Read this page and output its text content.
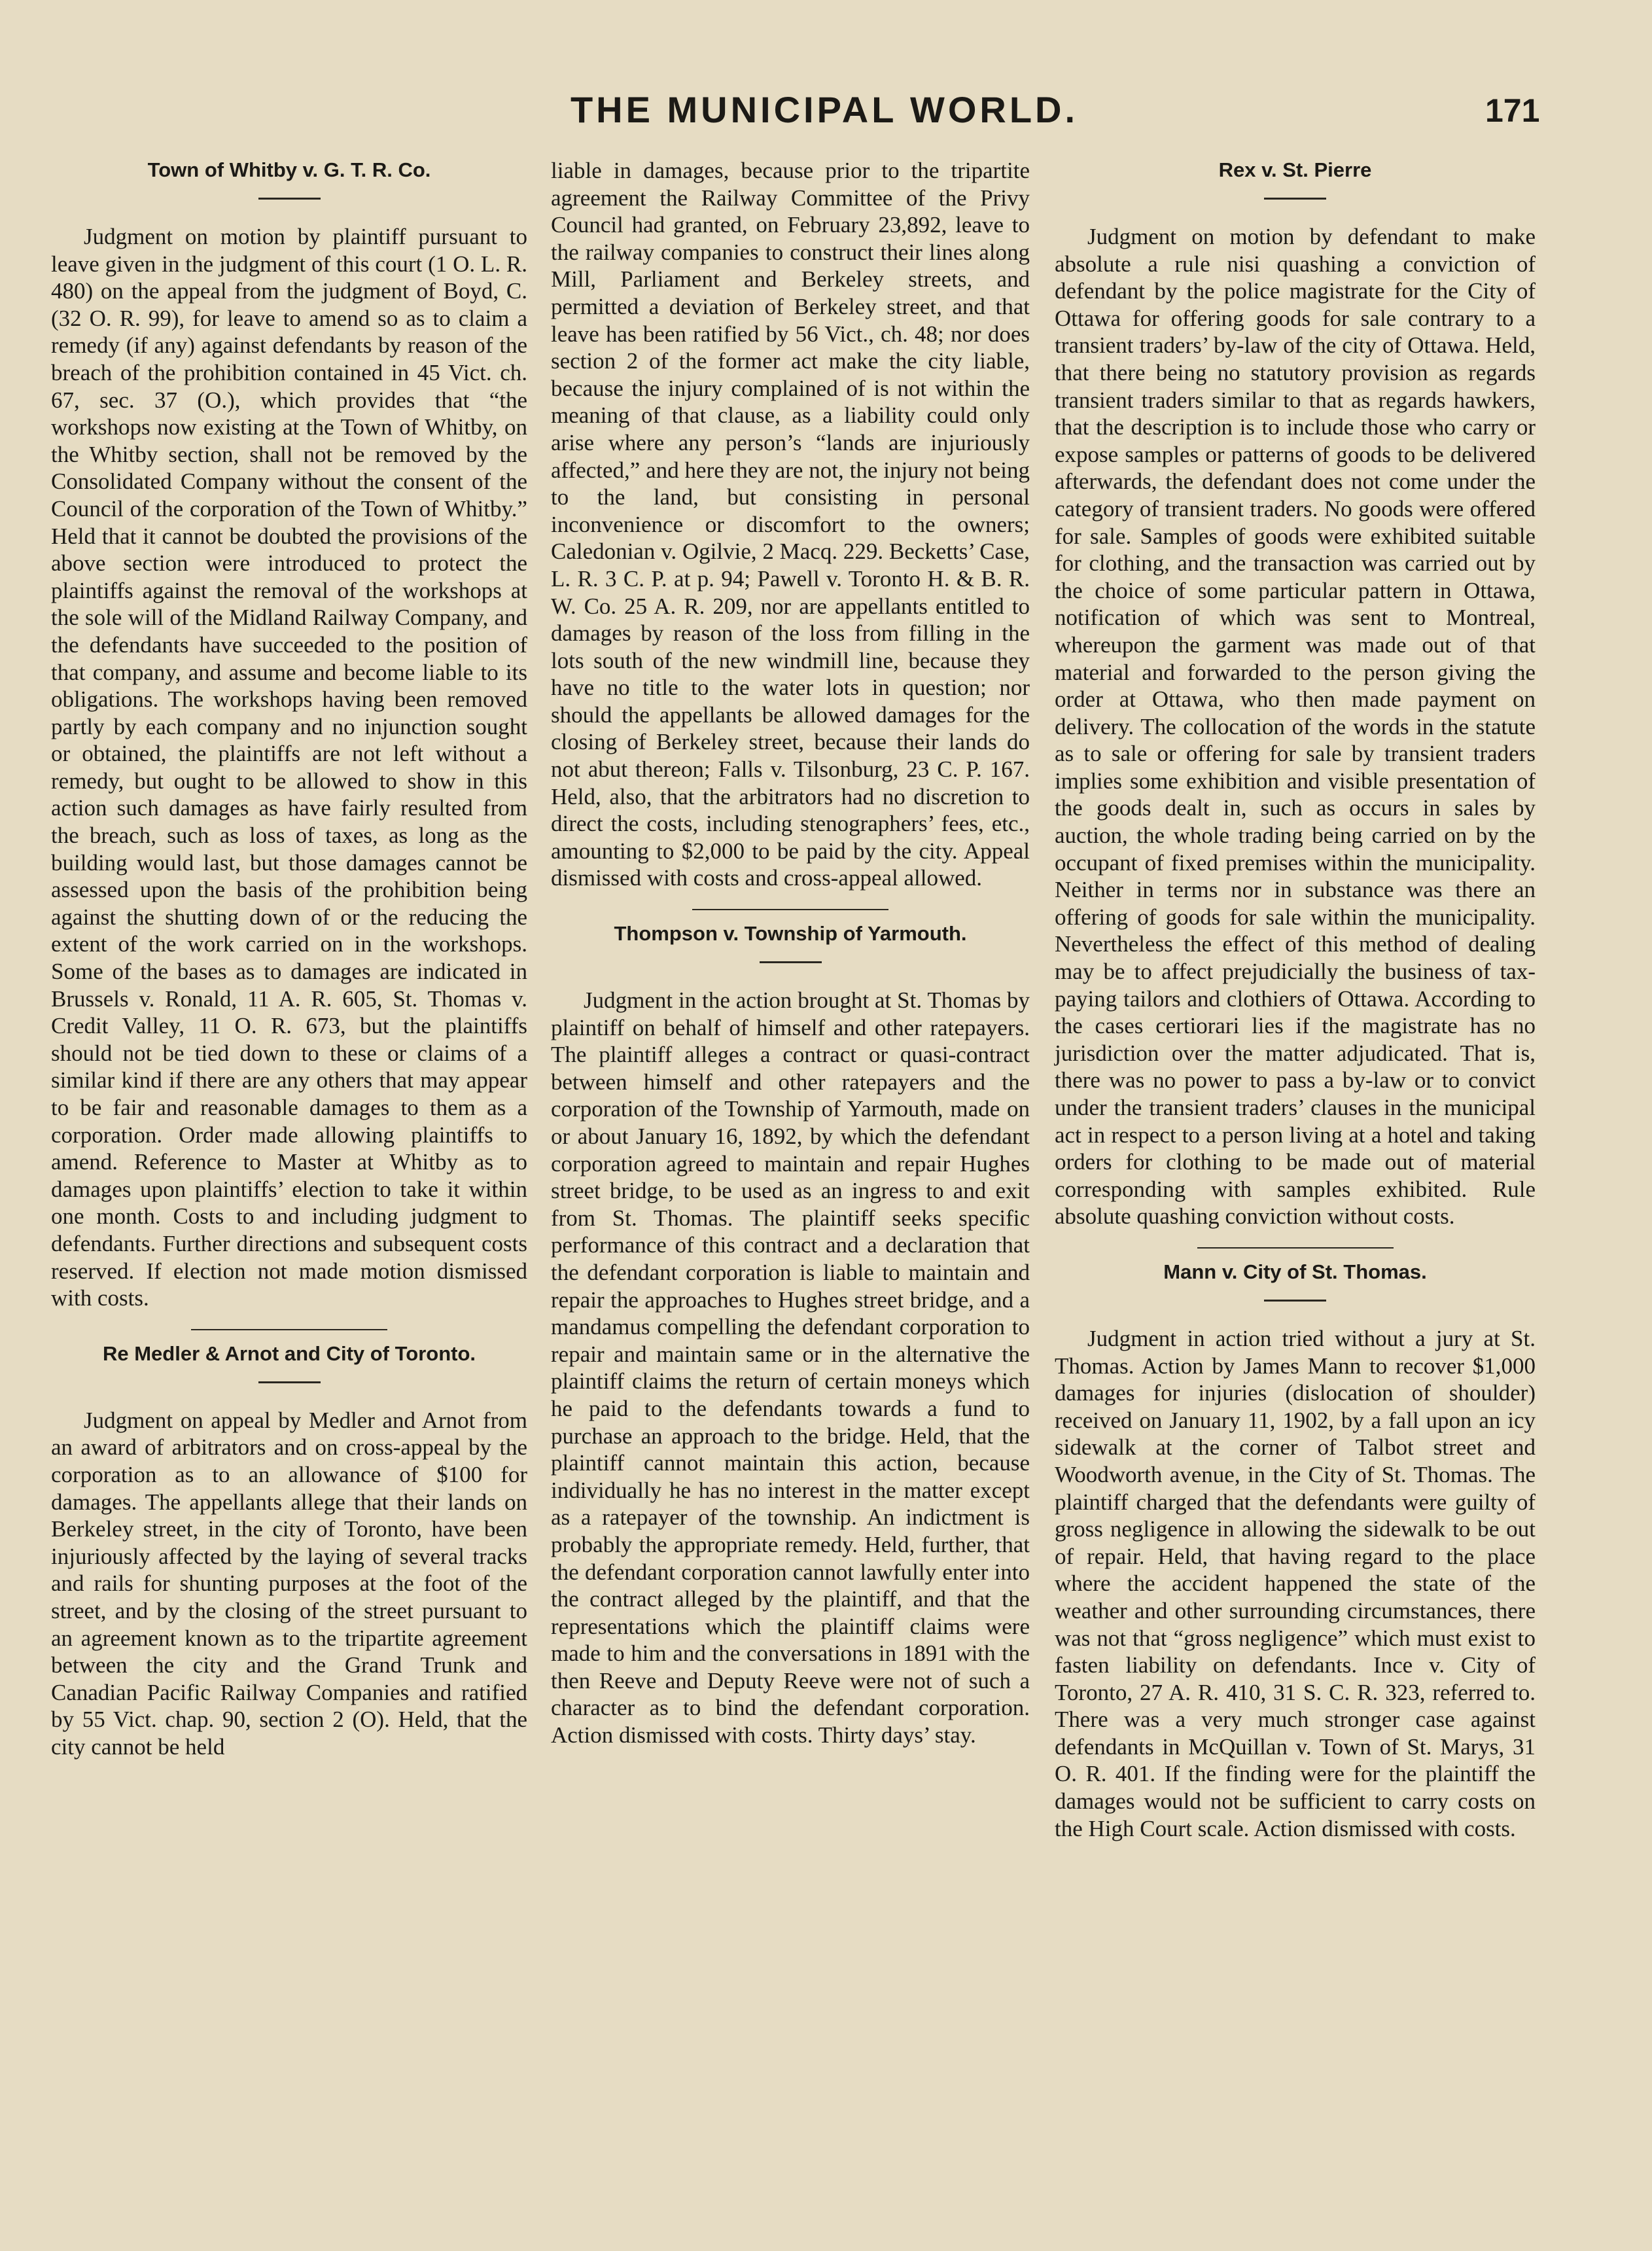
THE MUNICIPAL WORLD.	171
Town of Whitby v. G. T. R. Co.

Judgment on motion by plaintiff pursuant to leave given in the judgment of this court (1 O. L. R. 480) on the appeal from the judgment of Boyd, C. (32 O. R. 99), for leave to amend so as to claim a remedy (if any) against defendants by reason of the breach of the prohibition contained in 45 Vict. ch. 67, sec. 37 (O.), which provides that “the workshops now existing at the Town of Whitby, on the Whitby section, shall not be removed by the Consolidated Company without the consent of the Council of the corporation of the Town of Whitby.” Held that it cannot be doubted the provisions of the above section were introduced to protect the plaintiffs against the removal of the workshops at the sole will of the Midland Railway Company, and the defendants have succeeded to the position of that company, and assume and become liable to its obligations. The workshops having been removed partly by each company and no injunction sought or obtained, the plaintiffs are not left without a remedy, but ought to be allowed to show in this action such damages as have fairly resulted from the breach, such as loss of taxes, as long as the building would last, but those damages cannot be assessed upon the basis of the prohibition being against the shutting down of or the reducing the extent of the work carried on in the workshops. Some of the bases as to damages are indicated in Brussels v. Ronald, 11 A. R. 605, St. Thomas v. Credit Valley, 11 O. R. 673, but the plaintiffs should not be tied down to these or claims of a similar kind if there are any others that may appear to be fair and reasonable damages to them as a corporation. Order made allowing plaintiffs to amend. Reference to Master at Whitby as to damages upon plaintiffs’ election to take it within one month. Costs to and including judgment to defendants. Further directions and subsequent costs reserved. If election not made motion dismissed with costs.

Re Medler & Arnot and City of Toronto.

Judgment on appeal by Medler and Arnot from an award of arbitrators and on cross-appeal by the corporation as to an allowance of $100 for damages. The appellants allege that their lands on Berkeley street, in the city of Toronto, have been injuriously affected by the laying of several tracks and rails for shunting purposes at the foot of the street, and by the closing of the street pursuant to an agreement known as to the tripartite agreement between the city and the Grand Trunk and Canadian Pacific Railway Companies and ratified by 55 Vict. chap. 90, section 2 (O). Held, that the city cannot be held

liable in damages, because prior to the tripartite agreement the Railway Committee of the Privy Council had granted, on February 23,892, leave to the railway companies to construct their lines along Mill, Parliament and Berkeley streets, and permitted a deviation of Berkeley street, and that leave has been ratified by 56 Vict., ch. 48; nor does section 2 of the former act make the city liable, because the injury complained of is not within the meaning of that clause, as a liability could only arise where any person’s “lands are injuriously affected,” and here they are not, the injury not being to the land, but consisting in personal inconvenience or discomfort to the owners; Caledonian v. Ogilvie, 2 Macq. 229. Becketts’ Case, L. R. 3 C. P. at p. 94; Pawell v. Toronto H. & B. R. W. Co. 25 A. R. 209, nor are appellants entitled to damages by reason of the loss from filling in the lots south of the new windmill line, because they have no title to the water lots in question; nor should the appellants be allowed damages for the closing of Berkeley street, because their lands do not abut thereon; Falls v. Tilsonburg, 23 C. P. 167. Held, also, that the arbitrators had no discretion to direct the costs, including stenographers’ fees, etc., amounting to $2,000 to be paid by the city. Appeal dismissed with costs and cross-appeal allowed.

Thompson v. Township of Yarmouth.

Judgment in the action brought at St. Thomas by plaintiff on behalf of himself and other ratepayers. The plaintiff alleges a contract or quasi-contract between himself and other ratepayers and the corporation of the Township of Yarmouth, made on or about January 16, 1892, by which the defendant corporation agreed to maintain and repair Hughes street bridge, to be used as an ingress to and exit from St. Thomas. The plaintiff seeks specific performance of this contract and a declaration that the defendant corporation is liable to maintain and repair the approaches to Hughes street bridge, and a mandamus compelling the defendant corporation to repair and maintain same or in the alternative the plaintiff claims the return of certain moneys which he paid to the defendants towards a fund to purchase an approach to the bridge. Held, that the plaintiff cannot maintain this action, because individually he has no interest in the matter except as a ratepayer of the township. An indictment is probably the appropriate remedy. Held, further, that the defendant corporation cannot lawfully enter into the contract alleged by the plaintiff, and that the representations which the plaintiff claims were made to him and the conversations in 1891 with the then Reeve and Deputy Reeve were not of such a character as to bind the defendant corporation. Action dismissed with costs. Thirty days’ stay.

Rex v. St. Pierre

Judgment on motion by defendant to make absolute a rule nisi quashing a conviction of defendant by the police magistrate for the City of Ottawa for offering goods for sale contrary to a transient traders’ by-law of the city of Ottawa. Held, that there being no statutory provision as regards transient traders similar to that as regards hawkers, that the description is to include those who carry or expose samples or patterns of goods to be delivered afterwards, the defendant does not come under the category of transient traders. No goods were offered for sale. Samples of goods were exhibited suitable for clothing, and the transaction was carried out by the choice of some particular pattern in Ottawa, notification of which was sent to Montreal, whereupon the garment was made out of that material and forwarded to the person giving the order at Ottawa, who then made payment on delivery. The collocation of the words in the statute as to sale or offering for sale by transient traders implies some exhibition and visible presentation of the goods dealt in, such as occurs in sales by auction, the whole trading being carried on by the occupant of fixed premises within the municipality. Neither in terms nor in substance was there an offering of goods for sale within the municipality. Nevertheless the effect of this method of dealing may be to affect prejudicially the business of tax-paying tailors and clothiers of Ottawa. According to the cases certiorari lies if the magistrate has no jurisdiction over the matter adjudicated. That is, there was no power to pass a by-law or to convict under the transient traders’ clauses in the municipal act in respect to a person living at a hotel and taking orders for clothing to be made out of material corresponding with samples exhibited. Rule absolute quashing conviction without costs.

Mann v. City of St. Thomas.

Judgment in action tried without a jury at St. Thomas. Action by James Mann to recover $1,000 damages for injuries (dislocation of shoulder) received on January 11, 1902, by a fall upon an icy sidewalk at the corner of Talbot street and Woodworth avenue, in the City of St. Thomas. The plaintiff charged that the defendants were guilty of gross negligence in allowing the sidewalk to be out of repair. Held, that having regard to the place where the accident happened the state of the weather and other surrounding circumstances, there was not that “gross negligence” which must exist to fasten liability on defendants. Ince v. City of Toronto, 27 A. R. 410, 31 S. C. R. 323, referred to. There was a very much stronger case against defendants in McQuillan v. Town of St. Marys, 31 O. R. 401. If the finding were for the plaintiff the damages would not be sufficient to carry costs on the High Court scale. Action dismissed with costs.
